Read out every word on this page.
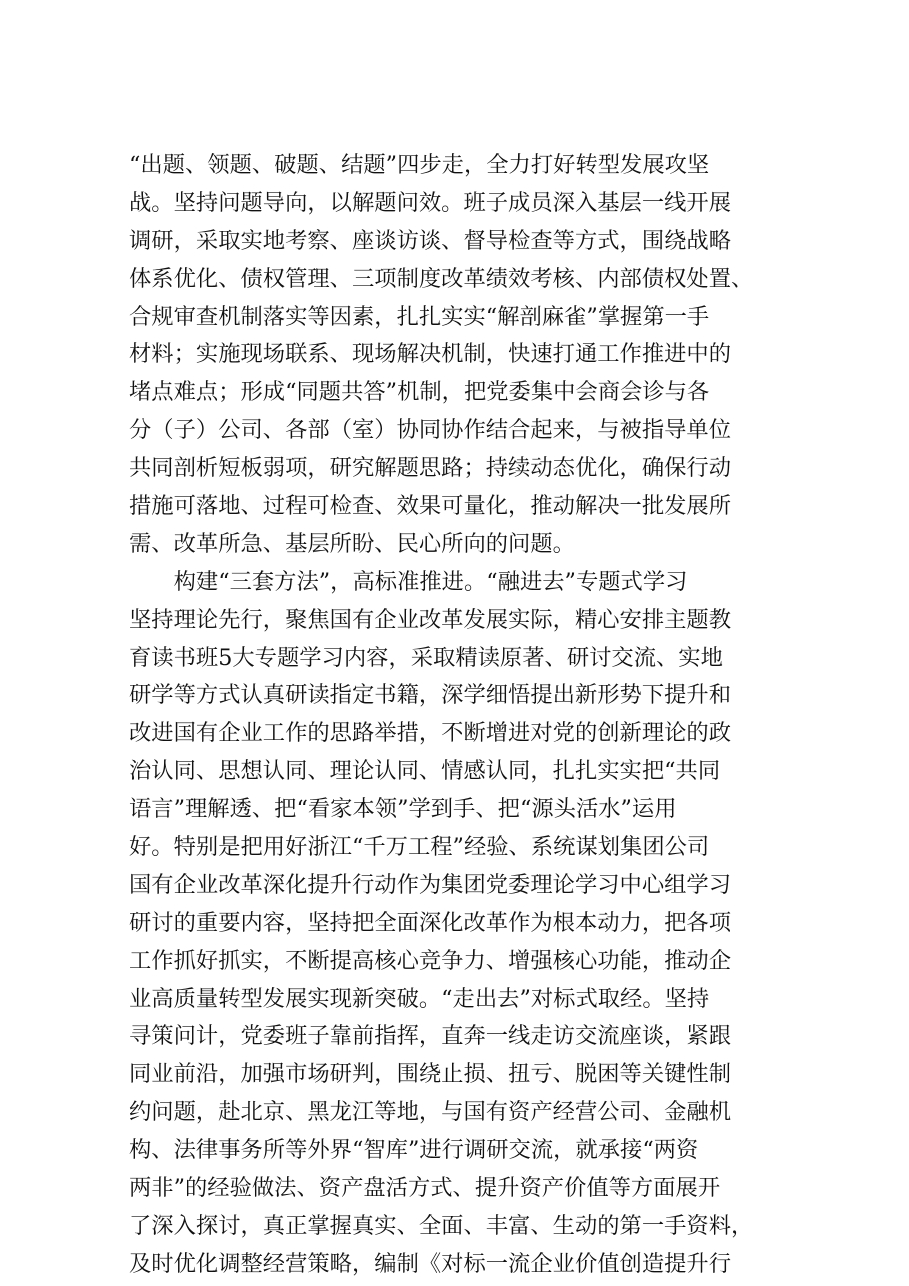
“出题、领题、破题、结题”四步走，全力打好转型发展攻坚
战。坚持问题导向，以解题问效。班子成员深入基层一线开展
调研，采取实地考察、座谈访谈、督导检查等方式，围绕战略
体系优化、债权管理、三项制度改革绩效考核、内部债权处置、
合规审查机制落实等因素，扎扎实实“解剖麻雀”掌握第一手
材料；实施现场联系、现场解决机制，快速打通工作推进中的
堵点难点；形成“同题共答”机制，把党委集中会商会诊与各
分（子）公司、各部（室）协同协作结合起来，与被指导单位
共同剖析短板弱项，研究解题思路；持续动态优化，确保行动
措施可落地、过程可检查、效果可量化，推动解决一批发展所
需、改革所急、基层所盼、民心所向的问题。
　　构建“三套方法”，高标准推进。“融进去”专题式学习
坚持理论先行，聚焦国有企业改革发展实际，精心安排主题教
育读书班5大专题学习内容，采取精读原著、研讨交流、实地
研学等方式认真研读指定书籍，深学细悟提出新形势下提升和
改进国有企业工作的思路举措，不断增进对党的创新理论的政
治认同、思想认同、理论认同、情感认同，扎扎实实把“共同
语言”理解透、把“看家本领”学到手、把“源头活水”运用
好。特别是把用好浙江“千万工程”经验、系统谋划集团公司
国有企业改革深化提升行动作为集团党委理论学习中心组学习
研讨的重要内容，坚持把全面深化改革作为根本动力，把各项
工作抓好抓实，不断提高核心竞争力、增强核心功能，推动企
业高质量转型发展实现新突破。“走出去”对标式取经。坚持
寻策问计，党委班子靠前指挥，直奔一线走访交流座谈，紧跟
同业前沿，加强市场研判，围绕止损、扭亏、脱困等关键性制
约问题，赴北京、黑龙江等地，与国有资产经营公司、金融机
构、法律事务所等外界“智库”进行调研交流，就承接“两资
两非”的经验做法、资产盘活方式、提升资产价值等方面展开
了深入探讨，真正掌握真实、全面、丰富、生动的第一手资料，
及时优化调整经营策略，编制《对标一流企业价值创造提升行
